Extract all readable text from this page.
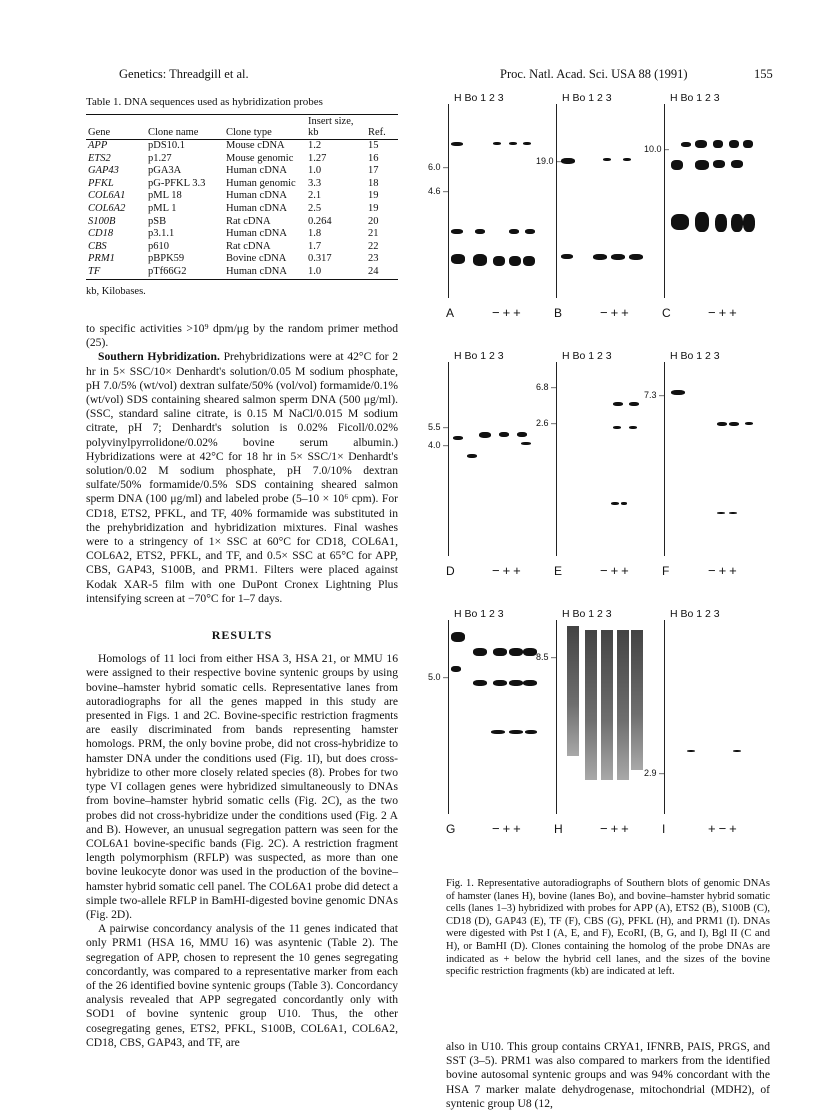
Genetics: Threadgill et al.	Proc. Natl. Acad. Sci. USA 88 (1991)	155
Table 1. DNA sequences used as hybridization probes
Gene	Clone name	Clone type	Insert size, kb	Ref.
APP	pDS10.1	Mouse cDNA	1.2	15
ETS2	p1.27	Mouse genomic	1.27	16
GAP43	pGA3A	Human cDNA	1.0	17
PFKL	pG-PFKL 3.3	Human genomic	3.3	18
COL6A1	pML 18	Human cDNA	2.1	19
COL6A2	pML 1	Human cDNA	2.5	19
S100B	pSB	Rat cDNA	0.264	20
CD18	p3.1.1	Human cDNA	1.8	21
CBS	p610	Rat cDNA	1.7	22
PRM1	pBPK59	Bovine cDNA	0.317	23
TF	pTf66G2	Human cDNA	1.0	24
kb, Kilobases.

to specific activities >10⁹ dpm/μg by the random primer method (25).

Southern Hybridization. Prehybridizations were at 42°C for 2 hr in 5× SSC/10× Denhardt's solution/0.05 M sodium phosphate, pH 7.0/5% (wt/vol) dextran sulfate/50% (vol/vol) formamide/0.1% (wt/vol) SDS containing sheared salmon sperm DNA (500 μg/ml). (SSC, standard saline citrate, is 0.15 M NaCl/0.015 M sodium citrate, pH 7; Denhardt's solution is 0.02% Ficoll/0.02% polyvinylpyrrolidone/0.02% bovine serum albumin.) Hybridizations were at 42°C for 18 hr in 5× SSC/1× Denhardt's solution/0.02 M sodium phosphate, pH 7.0/10% dextran sulfate/50% formamide/0.5% SDS containing sheared salmon sperm DNA (100 μg/ml) and labeled probe (5–10 × 10⁶ cpm). For CD18, ETS2, PFKL, and TF, 40% formamide was substituted in the prehybridization and hybridization mixtures. Final washes were to a stringency of 1× SSC at 60°C for CD18, COL6A1, COL6A2, ETS2, PFKL, and TF, and 0.5× SSC at 65°C for APP, CBS, GAP43, S100B, and PRM1. Filters were placed against Kodak XAR-5 film with one DuPont Cronex Lightning Plus intensifying screen at −70°C for 1–7 days.

RESULTS

Homologs of 11 loci from either HSA 3, HSA 21, or MMU 16 were assigned to their respective bovine syntenic groups by using bovine–hamster hybrid somatic cells. Representative lanes from autoradiographs for all the genes mapped in this study are presented in Figs. 1 and 2C. Bovine-specific restriction fragments are easily discriminated from bands representing hamster homologs. PRM, the only bovine probe, did not cross-hybridize to hamster DNA under the conditions used (Fig. 1I), but does cross-hybridize to other more closely related species (8). Probes for two type VI collagen genes were hybridized simultaneously to DNAs from bovine–hamster hybrid somatic cells (Fig. 2C), as the two probes did not cross-hybridize under the conditions used (Fig. 2 A and B). However, an unusual segregation pattern was seen for the COL6A1 bovine-specific bands (Fig. 2C). A restriction fragment length polymorphism (RFLP) was suspected, as more than one bovine leukocyte donor was used in the production of the bovine–hamster hybrid somatic cell panel. The COL6A1 probe did detect a simple two-allele RFLP in BamHI-digested bovine genomic DNAs (Fig. 2D).

A pairwise concordancy analysis of the 11 genes indicated that only PRM1 (HSA 16, MMU 16) was asyntenic (Table 2). The segregation of APP, chosen to represent the 10 genes segregating concordantly, was compared to a representative marker from each of the 26 identified bovine syntenic groups (Table 3). Concordancy analysis revealed that APP segregated concordantly only with SOD1 of bovine syntenic group U10. Thus, the other cosegregating genes, ETS2, PFKL, S100B, COL6A1, COL6A2, CD18, CBS, GAP43, and TF, are

H Bo 1 2 3
6.0 –
4.6 –
A	−++
H Bo 1 2 3
19.0 –
B	−++
H Bo 1 2 3
10.0 –
C	−++
H Bo 1 2 3
5.5 –
4.0 –
D	−++
H Bo 1 2 3
6.8 –
2.6 –
E	−++
H Bo 1 2 3
7.3 –
F	−++
H Bo 1 2 3
5.0 –
G	−++
H Bo 1 2 3
8.5 –
H	−++
H Bo 1 2 3
2.9 –
I	+−+
Fig. 1. Representative autoradiographs of Southern blots of genomic DNAs of hamster (lanes H), bovine (lanes Bo), and bovine–hamster hybrid somatic cells (lanes 1–3) hybridized with probes for APP (A), ETS2 (B), S100B (C), CD18 (D), GAP43 (E), TF (F), CBS (G), PFKL (H), and PRM1 (I). DNAs were digested with Pst I (A, E, and F), EcoRI, (B, G, and I), Bgl II (C and H), or BamHI (D). Clones containing the homolog of the probe DNAs are indicated as + below the hybrid cell lanes, and the sizes of the bovine specific restriction fragments (kb) are indicated at left.
also in U10. This group contains CRYA1, IFNRB, PAIS, PRGS, and SST (3–5). PRM1 was also compared to markers from the identified bovine autosomal syntenic groups and was 94% concordant with the HSA 7 marker malate dehydrogenase, mitochondrial (MDH2), of syntenic group U8 (12,
